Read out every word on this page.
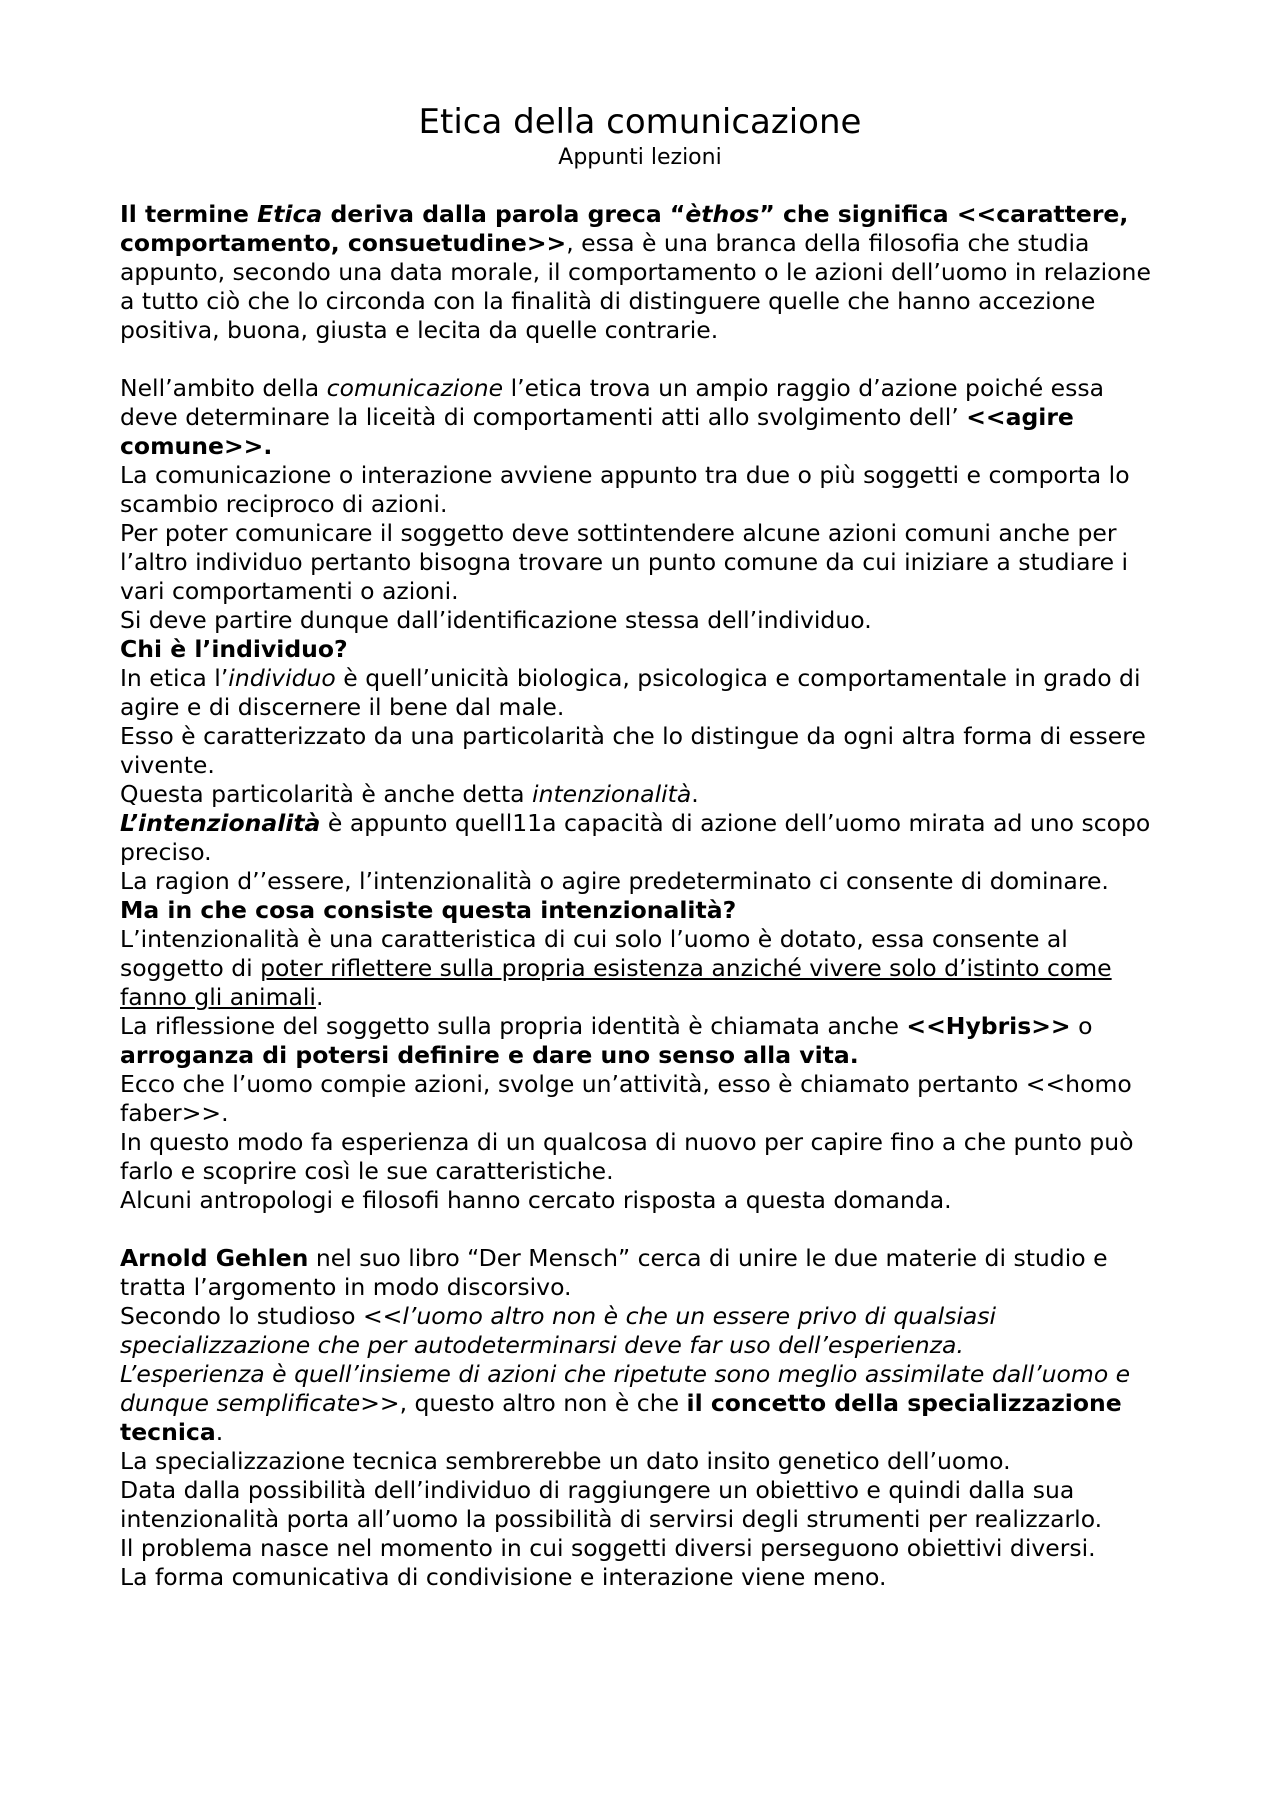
Etica della comunicazione
Appunti lezioni

Il termine Etica deriva dalla parola greca “èthos” che significa <<carattere, comportamento, consuetudine>>, essa è una branca della filosofia che studia appunto, secondo una data morale, il comportamento o le azioni dell’uomo in relazione a tutto ciò che lo circonda con la finalità di distinguere quelle che hanno accezione positiva, buona, giusta e lecita da quelle contrarie.

Nell’ambito della comunicazione l’etica trova un ampio raggio d’azione poiché essa deve determinare la liceità di comportamenti atti allo svolgimento dell’ <<agire comune>>.

La comunicazione o interazione avviene appunto tra due o più soggetti e comporta lo scambio reciproco di azioni.

Per poter comunicare il soggetto deve sottintendere alcune azioni comuni anche per l’altro individuo pertanto bisogna trovare un punto comune da cui iniziare a studiare i vari comportamenti o azioni.

Si deve partire dunque dall’identificazione stessa dell’individuo.

Chi è l’individuo?

In etica l’individuo è quell’unicità biologica, psicologica e comportamentale in grado di agire e di discernere il bene dal male.

Esso è caratterizzato da una particolarità che lo distingue da ogni altra forma di essere vivente.

Questa particolarità è anche detta intenzionalità.

L’intenzionalità è appunto quell11a capacità di azione dell’uomo mirata ad uno scopo preciso.

La ragion d’’essere, l’intenzionalità o agire predeterminato ci consente di dominare.

Ma in che cosa consiste questa intenzionalità?

L’intenzionalità è una caratteristica di cui solo l’uomo è dotato, essa consente al soggetto di poter riflettere sulla propria esistenza anziché vivere solo d’istinto come fanno gli animali.

La riflessione del soggetto sulla propria identità è chiamata anche <<Hybris>> o arroganza di potersi definire e dare uno senso alla vita.

Ecco che l’uomo compie azioni, svolge un’attività, esso è chiamato pertanto <<homo faber>>.

In questo modo fa esperienza di un qualcosa di nuovo per capire fino a che punto può farlo e scoprire così le sue caratteristiche.

Alcuni antropologi e filosofi hanno cercato risposta a questa domanda.

Arnold Gehlen nel suo libro “Der Mensch” cerca di unire le due materie di studio e tratta l’argomento in modo discorsivo.

Secondo lo studioso <<l’uomo altro non è che un essere privo di qualsiasi specializzazione che per autodeterminarsi deve far uso dell’esperienza.
L’esperienza è quell’insieme di azioni che ripetute sono meglio assimilate dall’uomo e dunque semplificate>>, questo altro non è che il concetto della specializzazione tecnica.

La specializzazione tecnica sembrerebbe un dato insito genetico dell’uomo.

Data dalla possibilità dell’individuo di raggiungere un obiettivo e quindi dalla sua intenzionalità porta all’uomo la possibilità di servirsi degli strumenti per realizzarlo.

Il problema nasce nel momento in cui soggetti diversi perseguono obiettivi diversi.

La forma comunicativa di condivisione e interazione viene meno.
